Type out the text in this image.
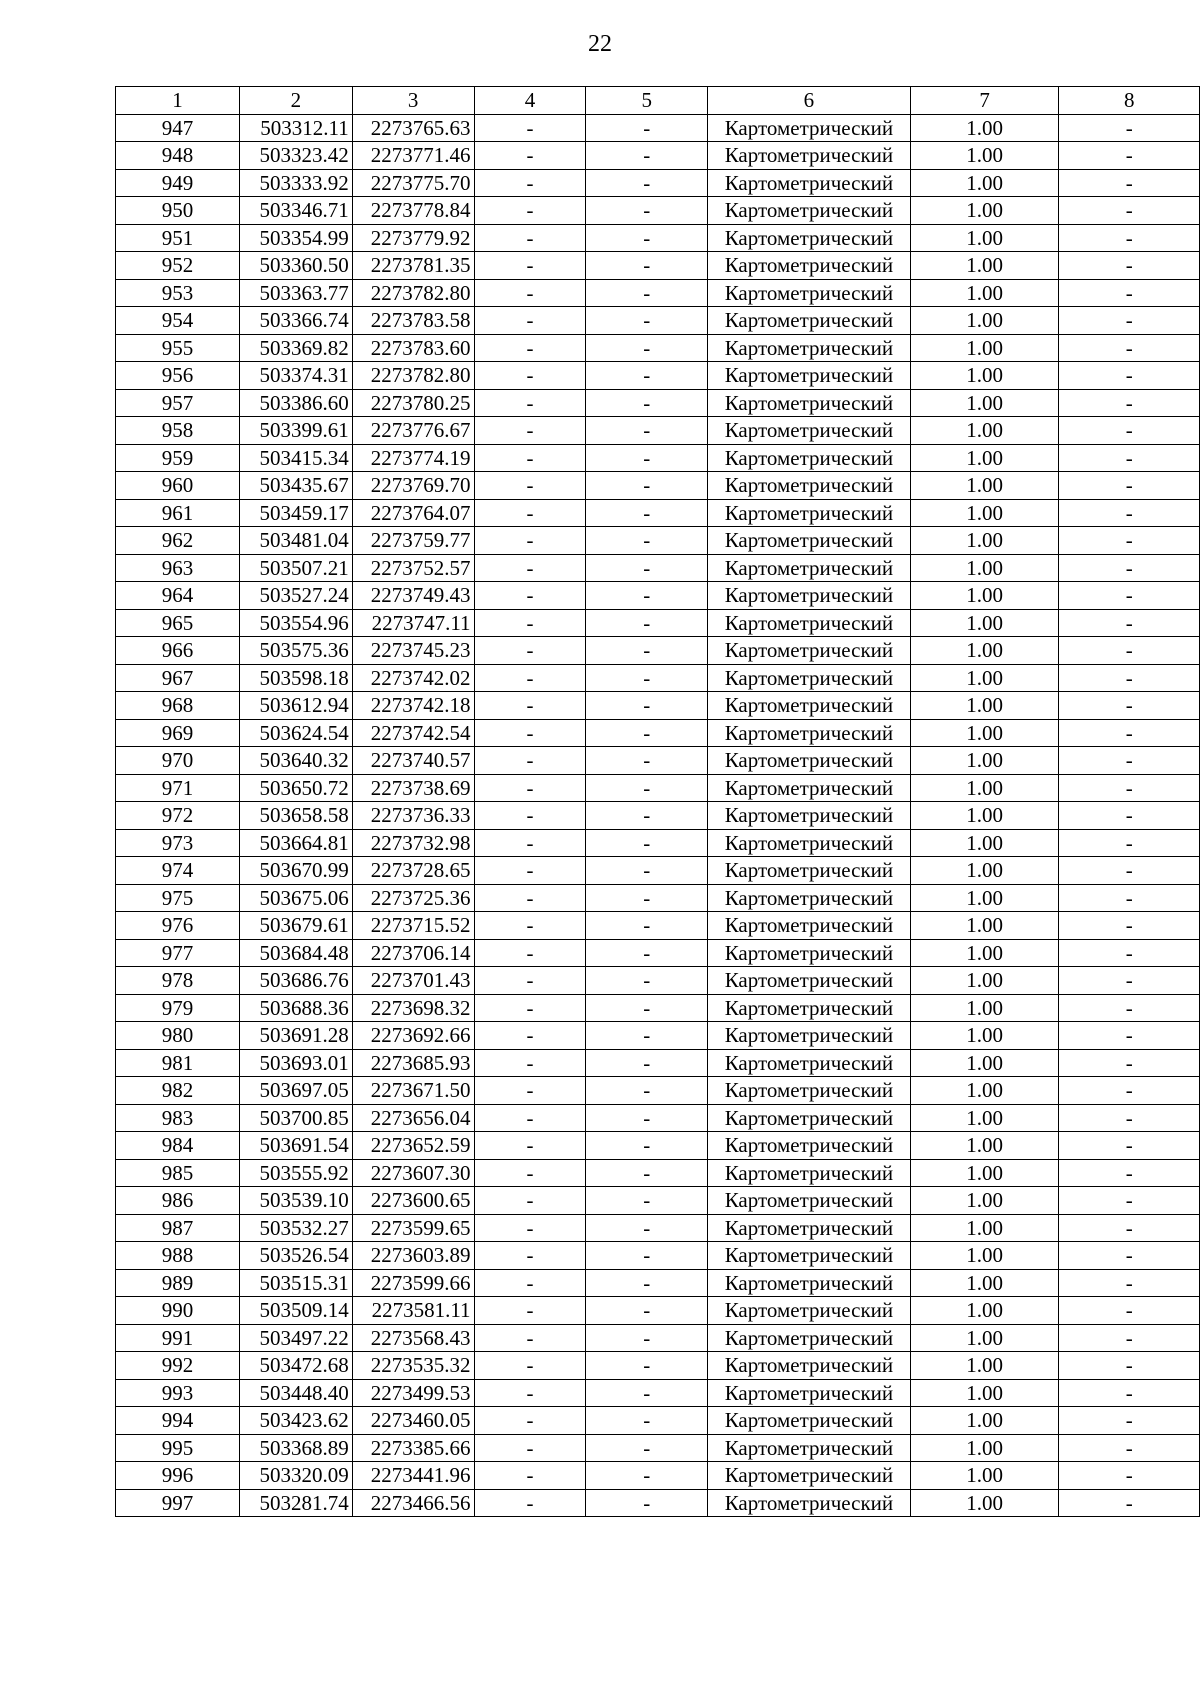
22
1	2	3	4	5	6	7	8
947	503312.11	2273765.63	-	-	Картометрический	1.00	-
948	503323.42	2273771.46	-	-	Картометрический	1.00	-
949	503333.92	2273775.70	-	-	Картометрический	1.00	-
950	503346.71	2273778.84	-	-	Картометрический	1.00	-
951	503354.99	2273779.92	-	-	Картометрический	1.00	-
952	503360.50	2273781.35	-	-	Картометрический	1.00	-
953	503363.77	2273782.80	-	-	Картометрический	1.00	-
954	503366.74	2273783.58	-	-	Картометрический	1.00	-
955	503369.82	2273783.60	-	-	Картометрический	1.00	-
956	503374.31	2273782.80	-	-	Картометрический	1.00	-
957	503386.60	2273780.25	-	-	Картометрический	1.00	-
958	503399.61	2273776.67	-	-	Картометрический	1.00	-
959	503415.34	2273774.19	-	-	Картометрический	1.00	-
960	503435.67	2273769.70	-	-	Картометрический	1.00	-
961	503459.17	2273764.07	-	-	Картометрический	1.00	-
962	503481.04	2273759.77	-	-	Картометрический	1.00	-
963	503507.21	2273752.57	-	-	Картометрический	1.00	-
964	503527.24	2273749.43	-	-	Картометрический	1.00	-
965	503554.96	2273747.11	-	-	Картометрический	1.00	-
966	503575.36	2273745.23	-	-	Картометрический	1.00	-
967	503598.18	2273742.02	-	-	Картометрический	1.00	-
968	503612.94	2273742.18	-	-	Картометрический	1.00	-
969	503624.54	2273742.54	-	-	Картометрический	1.00	-
970	503640.32	2273740.57	-	-	Картометрический	1.00	-
971	503650.72	2273738.69	-	-	Картометрический	1.00	-
972	503658.58	2273736.33	-	-	Картометрический	1.00	-
973	503664.81	2273732.98	-	-	Картометрический	1.00	-
974	503670.99	2273728.65	-	-	Картометрический	1.00	-
975	503675.06	2273725.36	-	-	Картометрический	1.00	-
976	503679.61	2273715.52	-	-	Картометрический	1.00	-
977	503684.48	2273706.14	-	-	Картометрический	1.00	-
978	503686.76	2273701.43	-	-	Картометрический	1.00	-
979	503688.36	2273698.32	-	-	Картометрический	1.00	-
980	503691.28	2273692.66	-	-	Картометрический	1.00	-
981	503693.01	2273685.93	-	-	Картометрический	1.00	-
982	503697.05	2273671.50	-	-	Картометрический	1.00	-
983	503700.85	2273656.04	-	-	Картометрический	1.00	-
984	503691.54	2273652.59	-	-	Картометрический	1.00	-
985	503555.92	2273607.30	-	-	Картометрический	1.00	-
986	503539.10	2273600.65	-	-	Картометрический	1.00	-
987	503532.27	2273599.65	-	-	Картометрический	1.00	-
988	503526.54	2273603.89	-	-	Картометрический	1.00	-
989	503515.31	2273599.66	-	-	Картометрический	1.00	-
990	503509.14	2273581.11	-	-	Картометрический	1.00	-
991	503497.22	2273568.43	-	-	Картометрический	1.00	-
992	503472.68	2273535.32	-	-	Картометрический	1.00	-
993	503448.40	2273499.53	-	-	Картометрический	1.00	-
994	503423.62	2273460.05	-	-	Картометрический	1.00	-
995	503368.89	2273385.66	-	-	Картометрический	1.00	-
996	503320.09	2273441.96	-	-	Картометрический	1.00	-
997	503281.74	2273466.56	-	-	Картометрический	1.00	-
